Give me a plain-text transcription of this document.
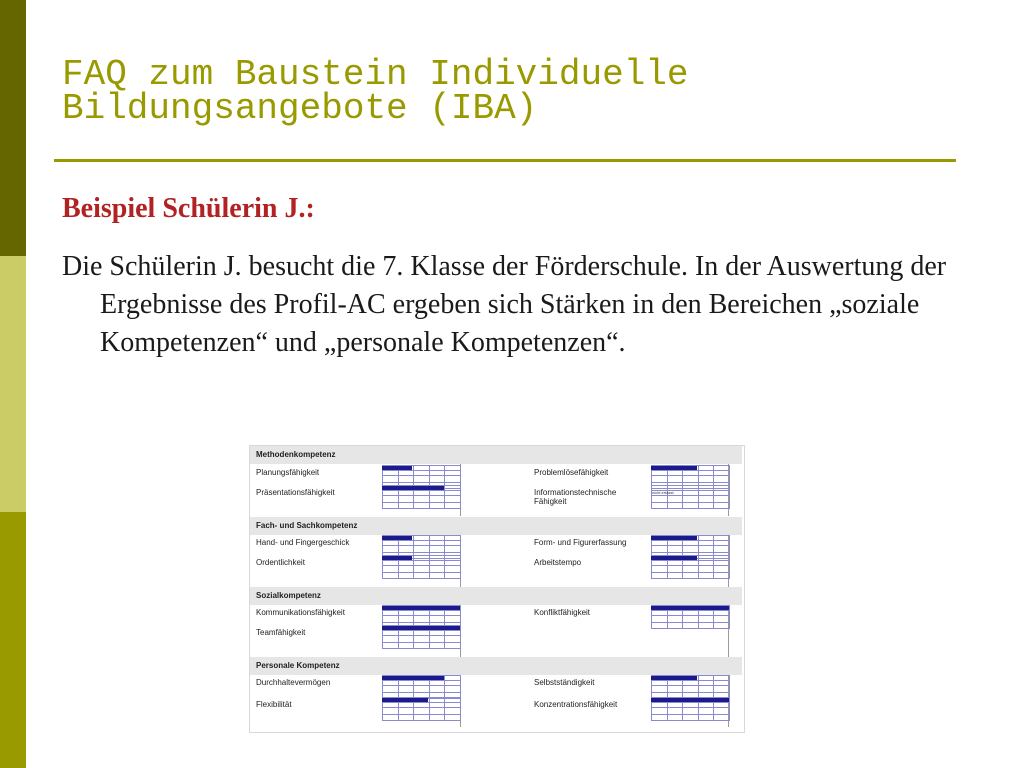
FAQ zum Baustein Individuelle Bildungsangebote (IBA)
Beispiel Schülerin J.:
Die Schülerin J. besucht die 7. Klasse der Förderschule. In der Auswertung der Ergebnisse des Profil-AC ergeben sich Stärken in den Bereichen „soziale Kompetenzen“ und „personale Kompetenzen“.
Methodenkompetenz
Planungsfähigkeit
Präsentationsfähigkeit
Problemlösefähigkeit
Informationstechnische Fähigkeit
nicht erfasst
Fach- und Sachkompetenz
Hand- und Fingergeschick
Ordentlichkeit
Form- und Figurerfassung
Arbeitstempo
Sozialkompetenz
Kommunikationsfähigkeit
Teamfähigkeit
Konfliktfähigkeit
Personale Kompetenz
Durchhaltevermögen
Flexibilität
Selbstständigkeit
Konzentrationsfähigkeit
